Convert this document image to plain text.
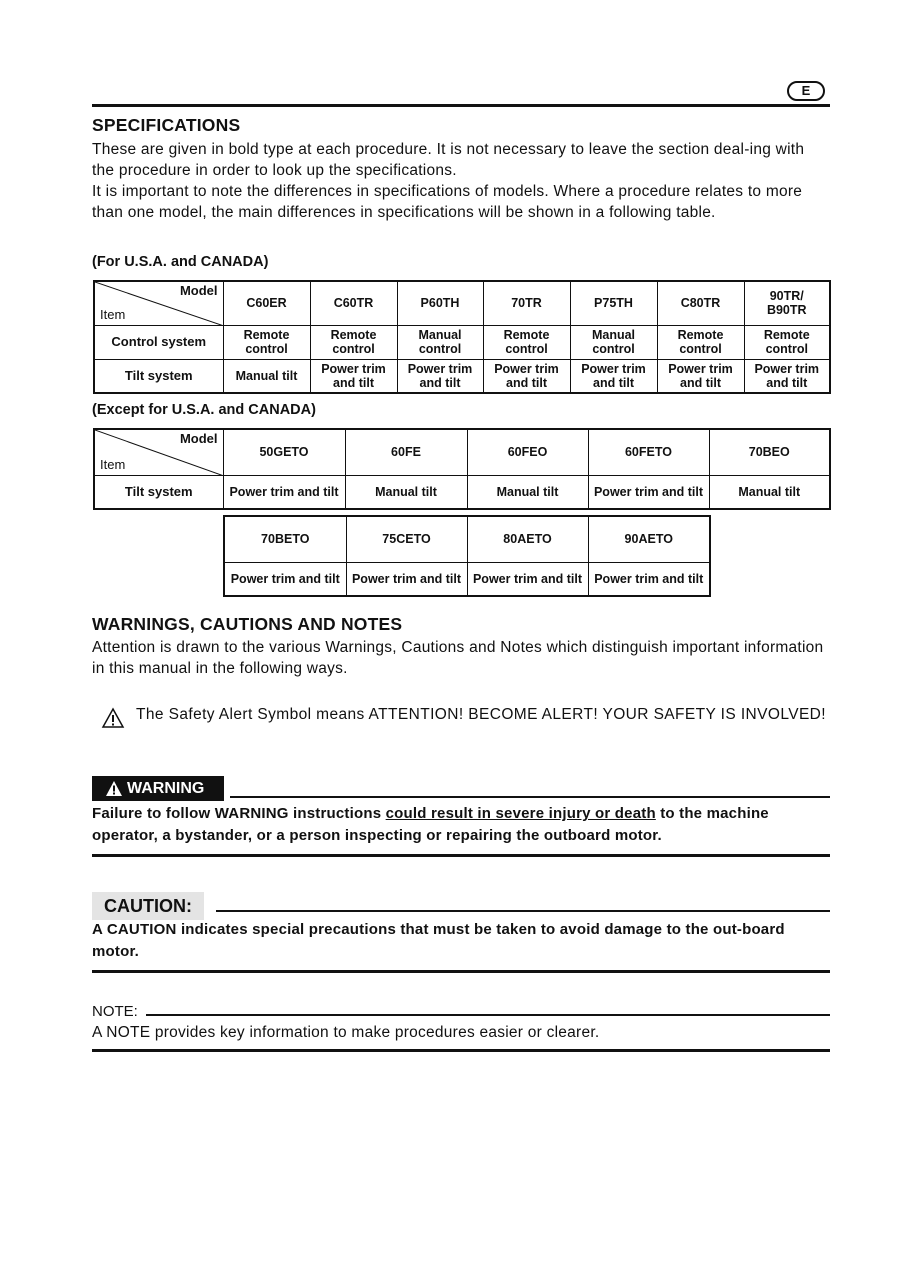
E
SPECIFICATIONS
These are given in bold type at each procedure. It is not necessary to leave the section deal-ing with the procedure in order to look up the specifications.
It is important to note the differences in specifications of models. Where a procedure relates to more than one model, the main differences in specifications will be shown in a following table.
(For U.S.A. and CANADA)
Model
Item	C60ER	C60TR	P60TH	70TR	P75TH	C80TR	90TR/
B90TR
Control system	Remote control	Remote control	Manual control	Remote control	Manual control	Remote control	Remote control
Tilt system	Manual tilt	Power trim and tilt	Power trim and tilt	Power trim and tilt	Power trim and tilt	Power trim and tilt	Power trim and tilt
(Except for U.S.A. and CANADA)
Model
Item	50GETO	60FE	60FEO	60FETO	70BEO
Tilt system	Power trim and tilt	Manual tilt	Manual tilt	Power trim and tilt	Manual tilt
70BETO	75CETO	80AETO	90AETO
Power trim and tilt	Power trim and tilt	Power trim and tilt	Power trim and tilt
WARNINGS, CAUTIONS AND NOTES
Attention is drawn to the various Warnings, Cautions and Notes which distinguish important information in this manual in the following ways.
The Safety Alert Symbol means ATTENTION! BECOME ALERT! YOUR SAFETY IS INVOLVED!
WARNING
Failure to follow WARNING instructions could result in severe injury or death to the machine operator, a bystander, or a person inspecting or repairing the outboard motor.
CAUTION:
A CAUTION indicates special precautions that must be taken to avoid damage to the out-board motor.
NOTE:
A NOTE provides key information to make procedures easier or clearer.
